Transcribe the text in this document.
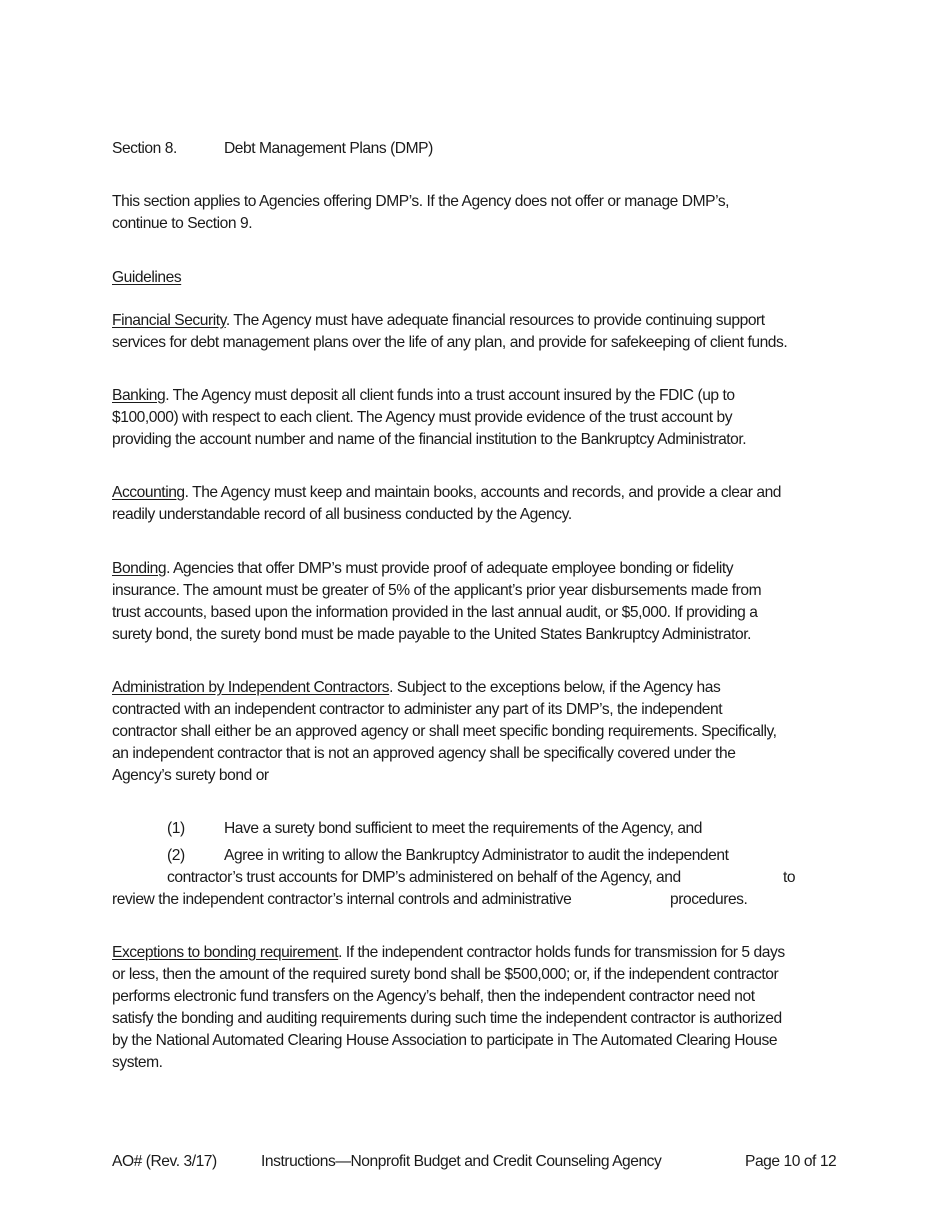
Section 8.	Debt Management Plans (DMP)
This section applies to Agencies offering DMP’s. If the Agency does not offer or manage DMP’s,
continue to Section 9.
Guidelines
Financial Security. The Agency must have adequate financial resources to provide continuing support
services for debt management plans over the life of any plan, and provide for safekeeping of client funds.
Banking. The Agency must deposit all client funds into a trust account insured by the FDIC (up to
$100,000) with respect to each client. The Agency must provide evidence of the trust account by
providing the account number and name of the financial institution to the Bankruptcy Administrator.
Accounting. The Agency must keep and maintain books, accounts and records, and provide a clear and
readily understandable record of all business conducted by the Agency.
Bonding. Agencies that offer DMP’s must provide proof of adequate employee bonding or fidelity
insurance. The amount must be greater of 5% of the applicant’s prior year disbursements made from
trust accounts, based upon the information provided in the last annual audit, or $5,000. If providing a
surety bond, the surety bond must be made payable to the United States Bankruptcy Administrator.
Administration by Independent Contractors. Subject to the exceptions below, if the Agency has
contracted with an independent contractor to administer any part of its DMP’s, the independent
contractor shall either be an approved agency or shall meet specific bonding requirements. Specifically,
an independent contractor that is not an approved agency shall be specifically covered under the
Agency’s surety bond or
(1)	Have a surety bond sufficient to meet the requirements of the Agency, and
(2)	Agree in writing to allow the Bankruptcy Administrator to audit the independent
contractor’s trust accounts for DMP’s administered on behalf of the Agency, and	to
review the independent contractor’s internal controls and administrative	procedures.
Exceptions to bonding requirement. If the independent contractor holds funds for transmission for 5 days
or less, then the amount of the required surety bond shall be $500,000; or, if the independent contractor
performs electronic fund transfers on the Agency’s behalf, then the independent contractor need not
satisfy the bonding and auditing requirements during such time the independent contractor is authorized
by the National Automated Clearing House Association to participate in The Automated Clearing House
system.
AO# (Rev. 3/17)	Instructions—Nonprofit Budget and Credit Counseling Agency	Page 10 of 12
